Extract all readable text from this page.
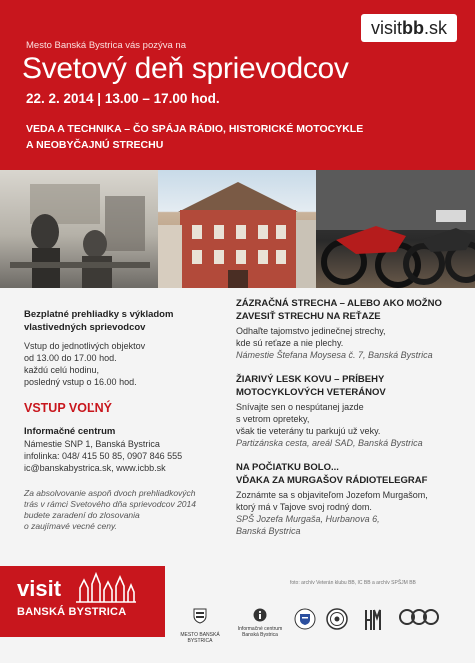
visitbb.sk
Mesto Banská Bystrica vás pozýva na
Svetový deň sprievodcov
22. 2. 2014 | 13.00 – 17.00 hod.
VEDA A TECHNIKA – ČO SPÁJA RÁDIO, HISTORICKÉ MOTOCYKLE
A NEOBYČAJNÚ STRECHU
Bezplatné prehliadky s výkladom
vlastivedných sprievodcov
Vstup do jednotlivých objektov
od 13.00 do 17.00 hod.
každú celú hodinu,
posledný vstup o 16.00 hod.
VSTUP VOĽNÝ
Informačné centrum
Námestie SNP 1, Banská Bystrica
infolinka: 048/ 415 50 85, 0907 846 555
ic@banskabystrica.sk, www.icbb.sk
Za absolvovanie aspoň dvoch prehliadkových
trás v rámci Svetového dňa sprievodcov 2014
budete zaradení do zlosovania
o zaujímavé vecné ceny.
ZÁZRAČNÁ STRECHA – ALEBO AKO MOŽNO
ZAVESIŤ STRECHU NA REŤAZE
Odhaľte tajomstvo jedinečnej strechy,
kde sú reťaze a nie plechy.
Námestie Štefana Moysesa č. 7, Banská Bystrica
ŽIARIVÝ LESK KOVU – PRÍBEHY
MOTOCYKLOVÝCH VETERÁNOV
Snívajte sen o nespútanej jazde
s vetrom opreteky,
však tie veterány tu parkujú už veky.
Partizánska cesta, areál SAD, Banská Bystrica
NA POČIATKU BOLO...
VĎAKA ZA MURGAŠOV RÁDIOTELEGRAF
Zoznámte sa s objaviteľom Jozefom Murgašom,
ktorý má v Tajove svoj rodný dom.
SPŠ Jozefa Murgaša, Hurbanova 6,
Banská Bystrica
foto: archív Veterán klubu BB, IC BB a archív SPŠJM BB
visit
BANSKÁ BYSTRICA
MESTO BANSKÁ BYSTRICA
Informačné centrum
Banská Bystrica
